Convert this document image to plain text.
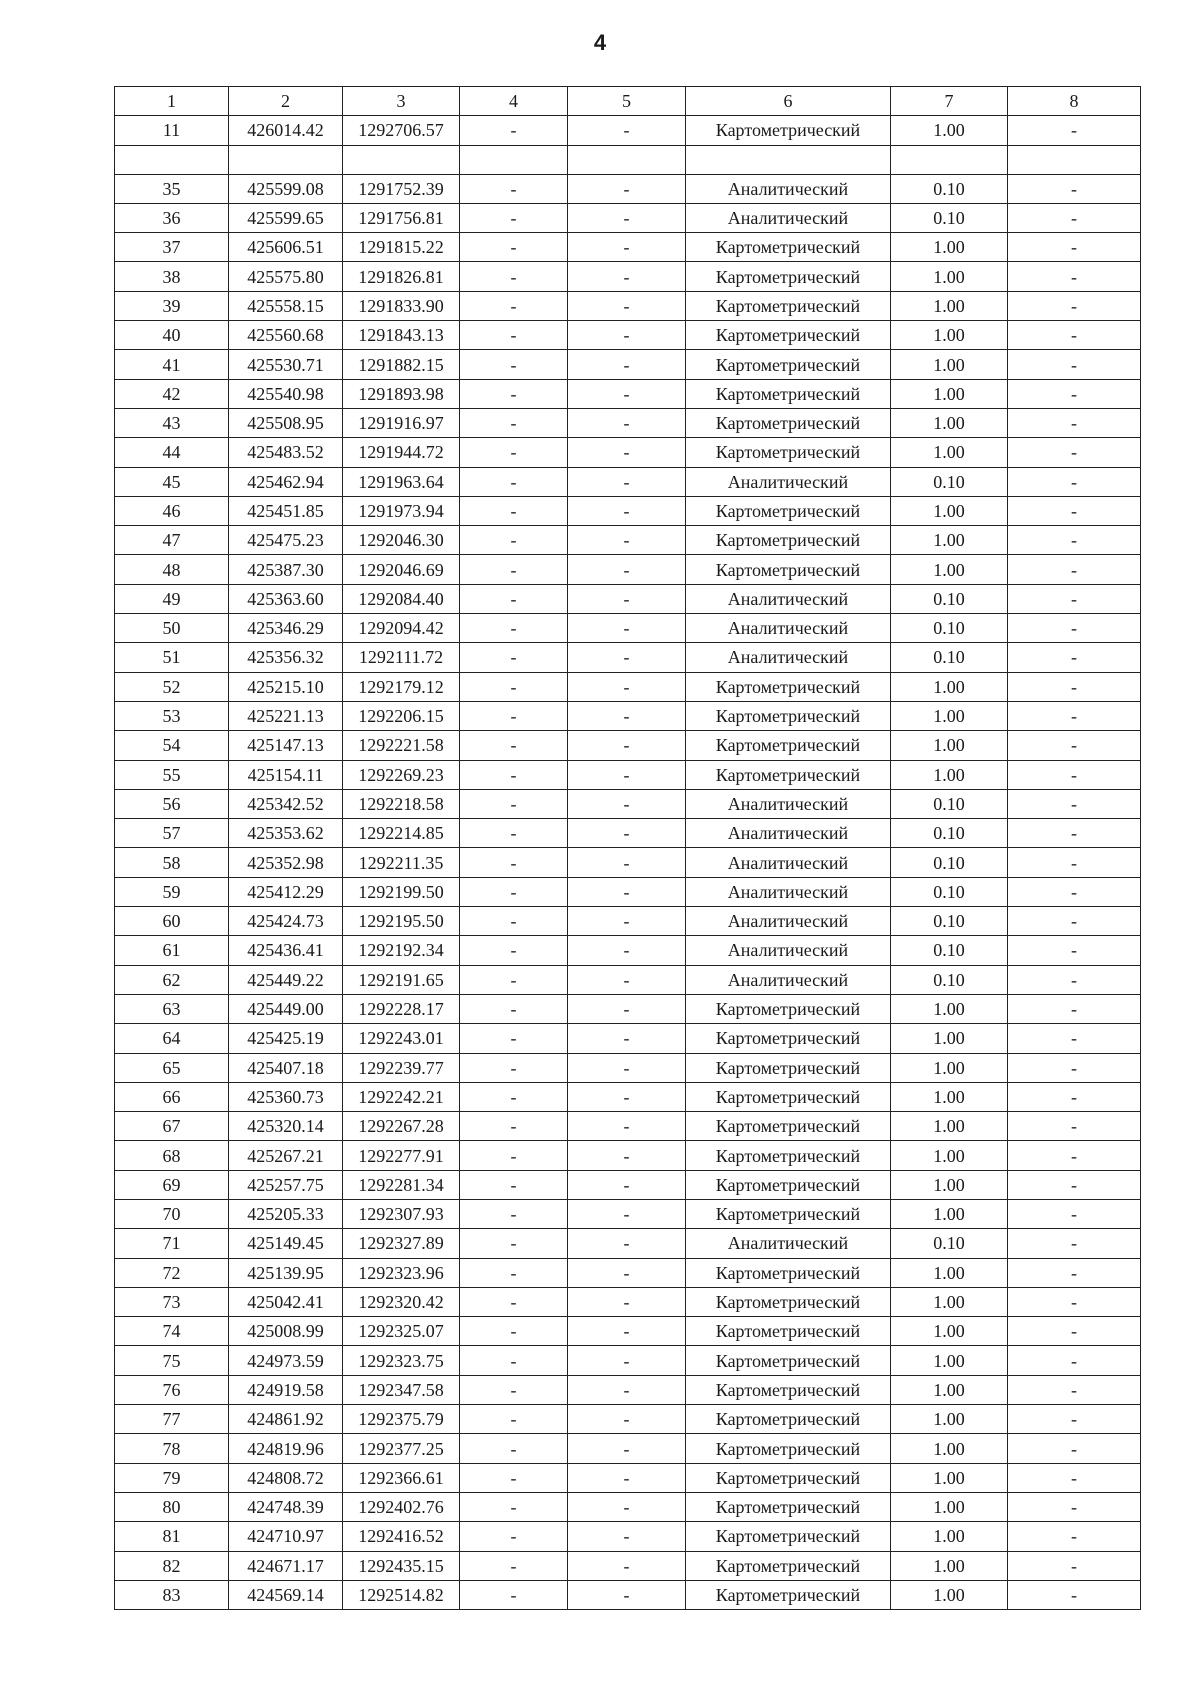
4
1	2	3	4	5	6	7	8
11	426014.42	1292706.57	-	-	Картометрический	1.00	-

35	425599.08	1291752.39	-	-	Аналитический	0.10	-
36	425599.65	1291756.81	-	-	Аналитический	0.10	-
37	425606.51	1291815.22	-	-	Картометрический	1.00	-
38	425575.80	1291826.81	-	-	Картометрический	1.00	-
39	425558.15	1291833.90	-	-	Картометрический	1.00	-
40	425560.68	1291843.13	-	-	Картометрический	1.00	-
41	425530.71	1291882.15	-	-	Картометрический	1.00	-
42	425540.98	1291893.98	-	-	Картометрический	1.00	-
43	425508.95	1291916.97	-	-	Картометрический	1.00	-
44	425483.52	1291944.72	-	-	Картометрический	1.00	-
45	425462.94	1291963.64	-	-	Аналитический	0.10	-
46	425451.85	1291973.94	-	-	Картометрический	1.00	-
47	425475.23	1292046.30	-	-	Картометрический	1.00	-
48	425387.30	1292046.69	-	-	Картометрический	1.00	-
49	425363.60	1292084.40	-	-	Аналитический	0.10	-
50	425346.29	1292094.42	-	-	Аналитический	0.10	-
51	425356.32	1292111.72	-	-	Аналитический	0.10	-
52	425215.10	1292179.12	-	-	Картометрический	1.00	-
53	425221.13	1292206.15	-	-	Картометрический	1.00	-
54	425147.13	1292221.58	-	-	Картометрический	1.00	-
55	425154.11	1292269.23	-	-	Картометрический	1.00	-
56	425342.52	1292218.58	-	-	Аналитический	0.10	-
57	425353.62	1292214.85	-	-	Аналитический	0.10	-
58	425352.98	1292211.35	-	-	Аналитический	0.10	-
59	425412.29	1292199.50	-	-	Аналитический	0.10	-
60	425424.73	1292195.50	-	-	Аналитический	0.10	-
61	425436.41	1292192.34	-	-	Аналитический	0.10	-
62	425449.22	1292191.65	-	-	Аналитический	0.10	-
63	425449.00	1292228.17	-	-	Картометрический	1.00	-
64	425425.19	1292243.01	-	-	Картометрический	1.00	-
65	425407.18	1292239.77	-	-	Картометрический	1.00	-
66	425360.73	1292242.21	-	-	Картометрический	1.00	-
67	425320.14	1292267.28	-	-	Картометрический	1.00	-
68	425267.21	1292277.91	-	-	Картометрический	1.00	-
69	425257.75	1292281.34	-	-	Картометрический	1.00	-
70	425205.33	1292307.93	-	-	Картометрический	1.00	-
71	425149.45	1292327.89	-	-	Аналитический	0.10	-
72	425139.95	1292323.96	-	-	Картометрический	1.00	-
73	425042.41	1292320.42	-	-	Картометрический	1.00	-
74	425008.99	1292325.07	-	-	Картометрический	1.00	-
75	424973.59	1292323.75	-	-	Картометрический	1.00	-
76	424919.58	1292347.58	-	-	Картометрический	1.00	-
77	424861.92	1292375.79	-	-	Картометрический	1.00	-
78	424819.96	1292377.25	-	-	Картометрический	1.00	-
79	424808.72	1292366.61	-	-	Картометрический	1.00	-
80	424748.39	1292402.76	-	-	Картометрический	1.00	-
81	424710.97	1292416.52	-	-	Картометрический	1.00	-
82	424671.17	1292435.15	-	-	Картометрический	1.00	-
83	424569.14	1292514.82	-	-	Картометрический	1.00	-
